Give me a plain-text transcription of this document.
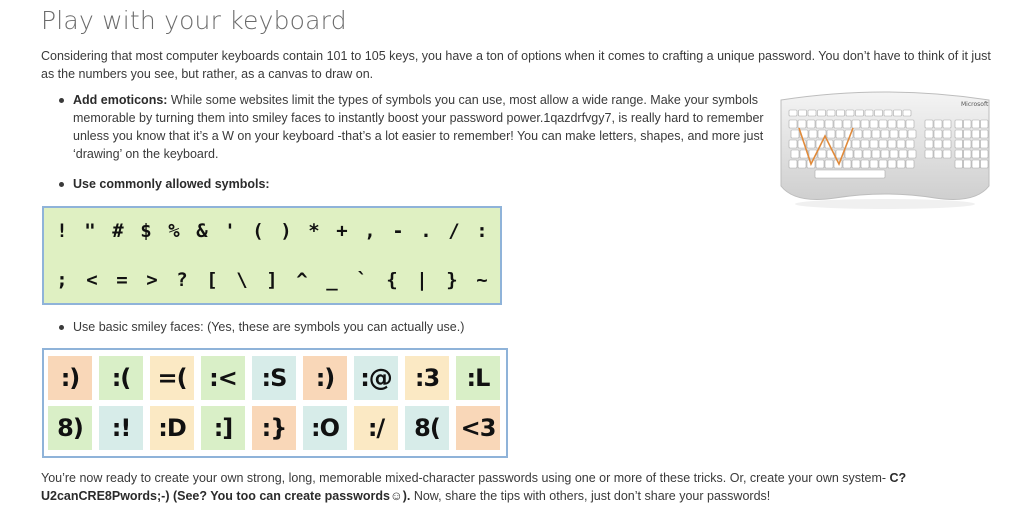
Play with your keyboard

Considering that most computer keyboards contain 101 to 105 keys, you have a ton of options when it comes to crafting a unique password. You don’t have to think of it just as the numbers you see, but rather, as a canvas to draw on.

Add emoticons: While some websites limit the types of symbols you can use, most allow a wide range. Make your symbols memorable by turning them into smiley faces to instantly boost your password power.1qazdrfvgy7, is really hard to remember unless you know that it’s a W on your keyboard -that’s a lot easier to remember! You can make letters, shapes, and more just ‘drawing’ on the keyboard.
Use commonly allowed symbols:
! " # $ % & ' ( ) * + , - . / :
; < = > ? [ \ ] ^ _ ` { | } ~
Use basic smiley faces: (Yes, these are symbols you can actually use.)
:)	:(	=( :<	:S	:)	:@ :3	:L
8)	:!	:D	:]	:}	:O	:/	8( <3
Microsoft

You’re now ready to create your own strong, long, memorable mixed-character passwords using one or more of these tricks. Or, create your own system- C? U2canCRE8Pwords;-) (See? You too can create passwords☺). Now, share the tips with others, just don’t share your passwords!
